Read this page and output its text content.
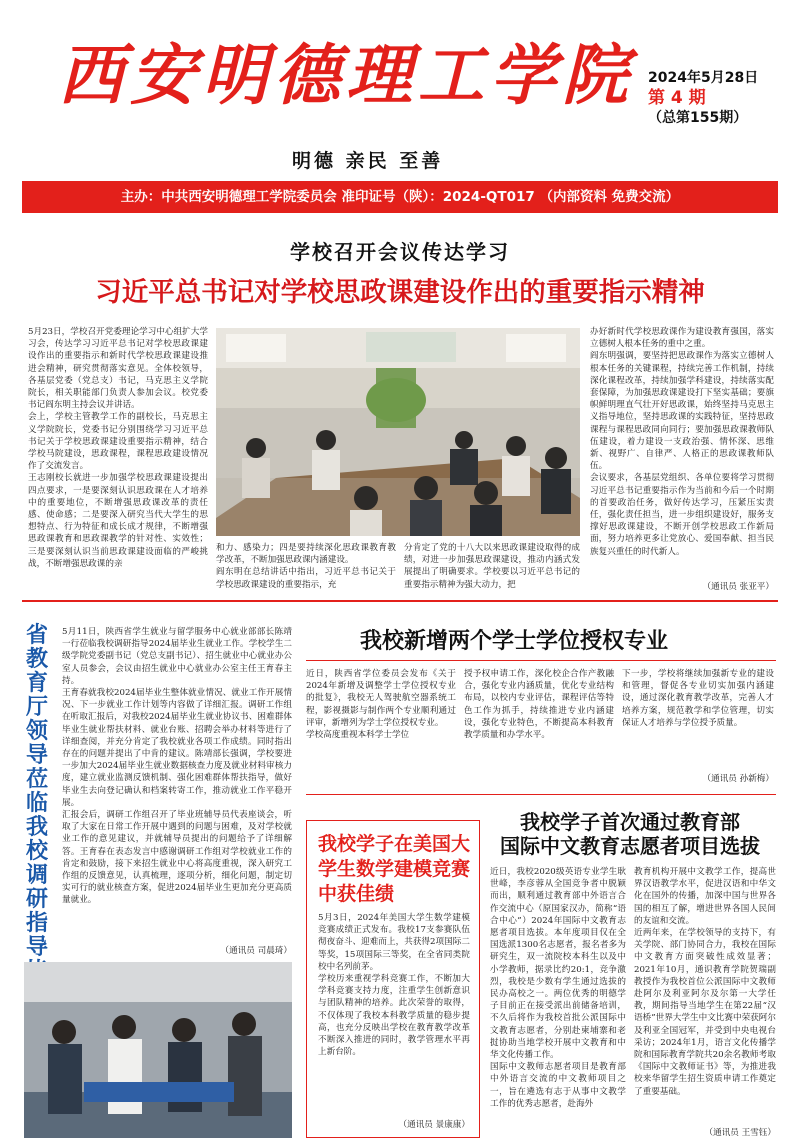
西安明德理工学院 2024年5月28日
第 4 期
（总第155期）
明德 亲民 至善
主办：中共西安明德理工学院委员会 准印证号（陕）：2024-QT017 （内部资料 免费交流）
学校召开会议传达学习
习近平总书记对学校思政课建设作出的重要指示精神
5月23日，学校召开党委理论学习中心组扩大学习会，传达学习习近平总书记对学校思政课建设作出的重要指示和新时代学校思政课建设推进会精神，研究贯彻落实意见。全体校领导，各基层党委（党总支）书记，马克思主义学院院长，相关职能部门负责人参加会议。校党委书记阎东明主持会议并讲话。
会上，学校主管教学工作的副校长，马克思主义学院院长，党委书记分别围绕学习习近平总书记关于学校思政课建设重要指示精神，结合学校马院建设，思政课程，课程思政建设情况作了交流发言。
王志刚校长就进一步加强学校思政课建设提出四点要求，一是要深刻认识思政课在人才培养中的重要地位，不断增强思政课改革的责任感、使命感；二是要深入研究当代大学生的思想特点、行为特征和成长成才规律，不断增强思政课教育和思政课教学的针对性、实效性；三是要深刻认识当前思政课建设面临的严峻挑战，不断增强思政课的亲
和力、感染力；四是要持续深化思政课教育教学改革，不断加强思政课内涵建设。
阎东明在总结讲话中指出，习近平总书记关于学校思政课建设的重要指示，充
分肯定了党的十八大以来思政课建设取得的成绩，对进一步加强思政课建设，推动内涵式发展提出了明确要求。学校要以习近平总书记的重要指示精神为强大动力，把
办好新时代学校思政课作为建设教育强国，落实立德树人根本任务的重中之重。
阎东明强调，要坚持把思政课作为落实立德树人根本任务的关键课程，持续完善工作机制，持续深化课程改革，持续加强学科建设，持续落实配套保障，为加强思政课建设打下坚实基础；要旗帜鲜明理直气壮开好思政课，始终坚持马克思主义指导地位，坚持思政课的实践特征，坚持思政课程与课程思政同向同行；要加强思政课教师队伍建设，着力建设一支政治强、情怀深、思维新、视野广、自律严、人格正的思政课教师队伍。
会议要求，各基层党组织、各单位要将学习贯彻习近平总书记重要指示作为当前和今后一个时期的首要政治任务，做好传达学习，压紧压实责任，强化责任担当，进一步组织建设好，服务支撑好思政课建设，不断开创学校思政工作新局面，努力培养更多让党放心、爱国奉献、担当民族复兴重任的时代新人。
（通讯员 张亚平）
省教育厅领导莅临我校调研指导
5月11日，陕西省学生就业与留学服务中心就业部部长陈靖一行莅临我校调研指导2024届毕业生就业工作。学校学生二级学院党委副书记（党总支副书记）、招生就业中心就业办公室人员参会，会议由招生就业中心就业办公室主任王育春主持。
王育春就我校2024届毕业生整体就业情况、就业工作开展情况、下一步就业工作计划等内容做了详细汇报。调研工作组在听取汇报后，对我校2024届毕业生就业协议书、困难群体毕业生就业帮扶材料、就业台账、招聘会举办材料等进行了详细查阅，并充分肯定了我校就业各项工作成绩。同时指出存在的问题并提出了中肯的建议。陈靖部长强调，学校要进一步加大2024届毕业生就业数据核查力度及就业材料审核力度，建立就业监测反馈机制、强化困难群体帮扶指导，做好毕业生去向登记确认和档案转寄工作，推动就业工作平稳开展。
汇报会后，调研工作组召开了毕业班辅导员代表座谈会，听取了大家在日常工作开展中遇到的问题与困难，及对学校就业工作的意见建议，并就辅导员提出的问题给予了详细解答。王育春在表态发言中感谢调研工作组对学校就业工作的肯定和鼓励，接下来招生就业中心将高度重视，深入研究工作组的反馈意见，认真梳理，逐项分析，细化问题，制定切实可行的就业核查方案，促进2024届毕业生更加充分更高质量就业。
（通讯员 司晨琦）
我校新增两个学士学位授权专业
近日，陕西省学位委员会发布《关于2024年新增及调整学士学位授权专业的批复》，我校无人驾驶航空器系统工程，影视摄影与制作两个专业顺利通过评审，新增列为学士学位授权专业。
学校高度重视本科学士学位
授予权申请工作，深化校企合作产教融合，强化专业内涵质量，优化专业结构布局，以校内专业评估，课程评估等特色工作为抓手，持续推进专业内涵建设，强化专业特色，不断提高本科教育教学质量和办学水平。
下一步，学校将继续加强新专业的建设和管理，督促各专业切实加强内涵建设，通过深化教育教学改革，完善人才培养方案，规范教学和学位管理，切实保证人才培养与学位授予质量。
（通讯员 孙新梅）
我校学子在美国大学生数学建模竞赛中获佳绩
5月3日，2024年美国大学生数学建模竞赛成绩正式发布。我校17支参赛队伍彻夜奋斗、迎难而上，共获得2项国际二等奖，15项国际三等奖，在全省同类院校中名列前茅。
学校历来重视学科竞赛工作，不断加大学科竞赛支持力度，注重学生创新意识与团队精神的培养。此次荣誉的取得，不仅体现了我校本科教学质量的稳步提高，也充分反映出学校在教育教学改革不断深入推进的同时，教学管理水平再上新台阶。
（通讯员 景康康）
我校学子首次通过教育部
国际中文教育志愿者项目选拔
近日，我校2020级英语专业学生耿世峰，李彦蓉从全国竞争者中脱颖而出，顺利通过教育部中外语言合作交流中心（原国家汉办，简称“语合中心”）2024年国际中文教育志愿者项目选拔。本年度项目仅在全国选派1300名志愿者，报名者多为研究生，双一流院校本科生以及中小学教师，据录比约20:1，竞争激烈，我校是少数有学生通过选拔的民办高校之一。两位优秀的明德学子目前正在接受派出前储备培训，不久后将作为我校首批公派国际中文教育志愿者，分别赴柬埔寨和老挝协助当地学校开展中文教育和中华文化传播工作。
国际中文教师志愿者项目是教育部中外语言交流的中文教师项目之一，旨在遴选有志于从事中文教学工作的优秀志愿者，赴海外
教育机构开展中文教学工作，提高世界汉语教学水平，促进汉语和中华文化在国外的传播，加深中国与世界各国的相互了解，增进世界各国人民间的友谊和交流。
近两年来，在学校领导的支持下，有关学院、部门协同合力，我校在国际中文教育方面突破性成效显著；2021年10月，通识教育学院贺瑞副教授作为我校首位公派国际中文教师赴阿尔及利亚阿尔及尔第一大学任教，期间指导当地学生在第22届“汉语桥”世界大学生中文比赛中荣获阿尔及利亚全国冠军，并受到中央电视台采访；2024年1月，语言文化传播学院和国际教育学院共20余名教师考取《国际中文教师证书》等，为推进我校来华留学生招生资质申请工作奠定了重要基础。
（通讯员 王雪钰）
